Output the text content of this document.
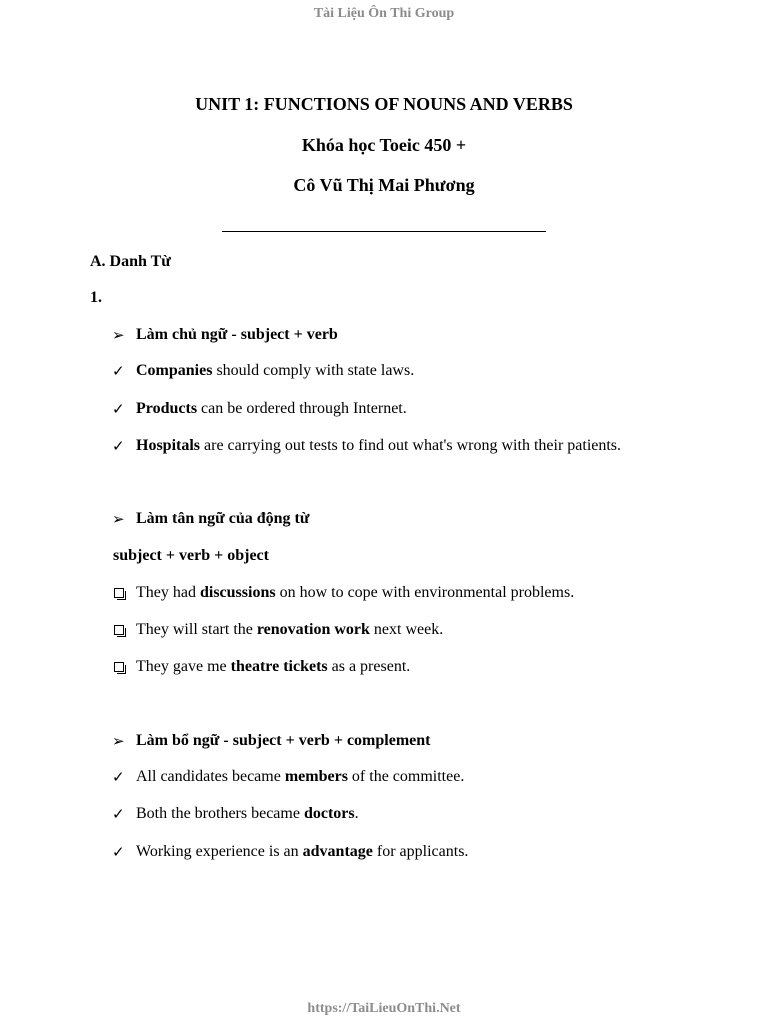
Tài Liệu Ôn Thi Group
UNIT 1: FUNCTIONS OF NOUNS AND VERBS
Khóa học Toeic 450 +
Cô Vũ Thị Mai Phương
A. Danh Từ
1.
➢ Làm chủ ngữ - subject + verb
✓ Companies should comply with state laws.
✓ Products can be ordered through Internet.
✓ Hospitals are carrying out tests to find out what's wrong with their patients.
➢ Làm tân ngữ của động từ
subject + verb + object
They had discussions on how to cope with environmental problems.
They will start the renovation work next week.
They gave me theatre tickets as a present.
➢ Làm bổ ngữ - subject + verb + complement
✓ All candidates became members of the committee.
✓ Both the brothers became doctors.
✓ Working experience is an advantage for applicants.
https://TaiLieuOnThi.Net
